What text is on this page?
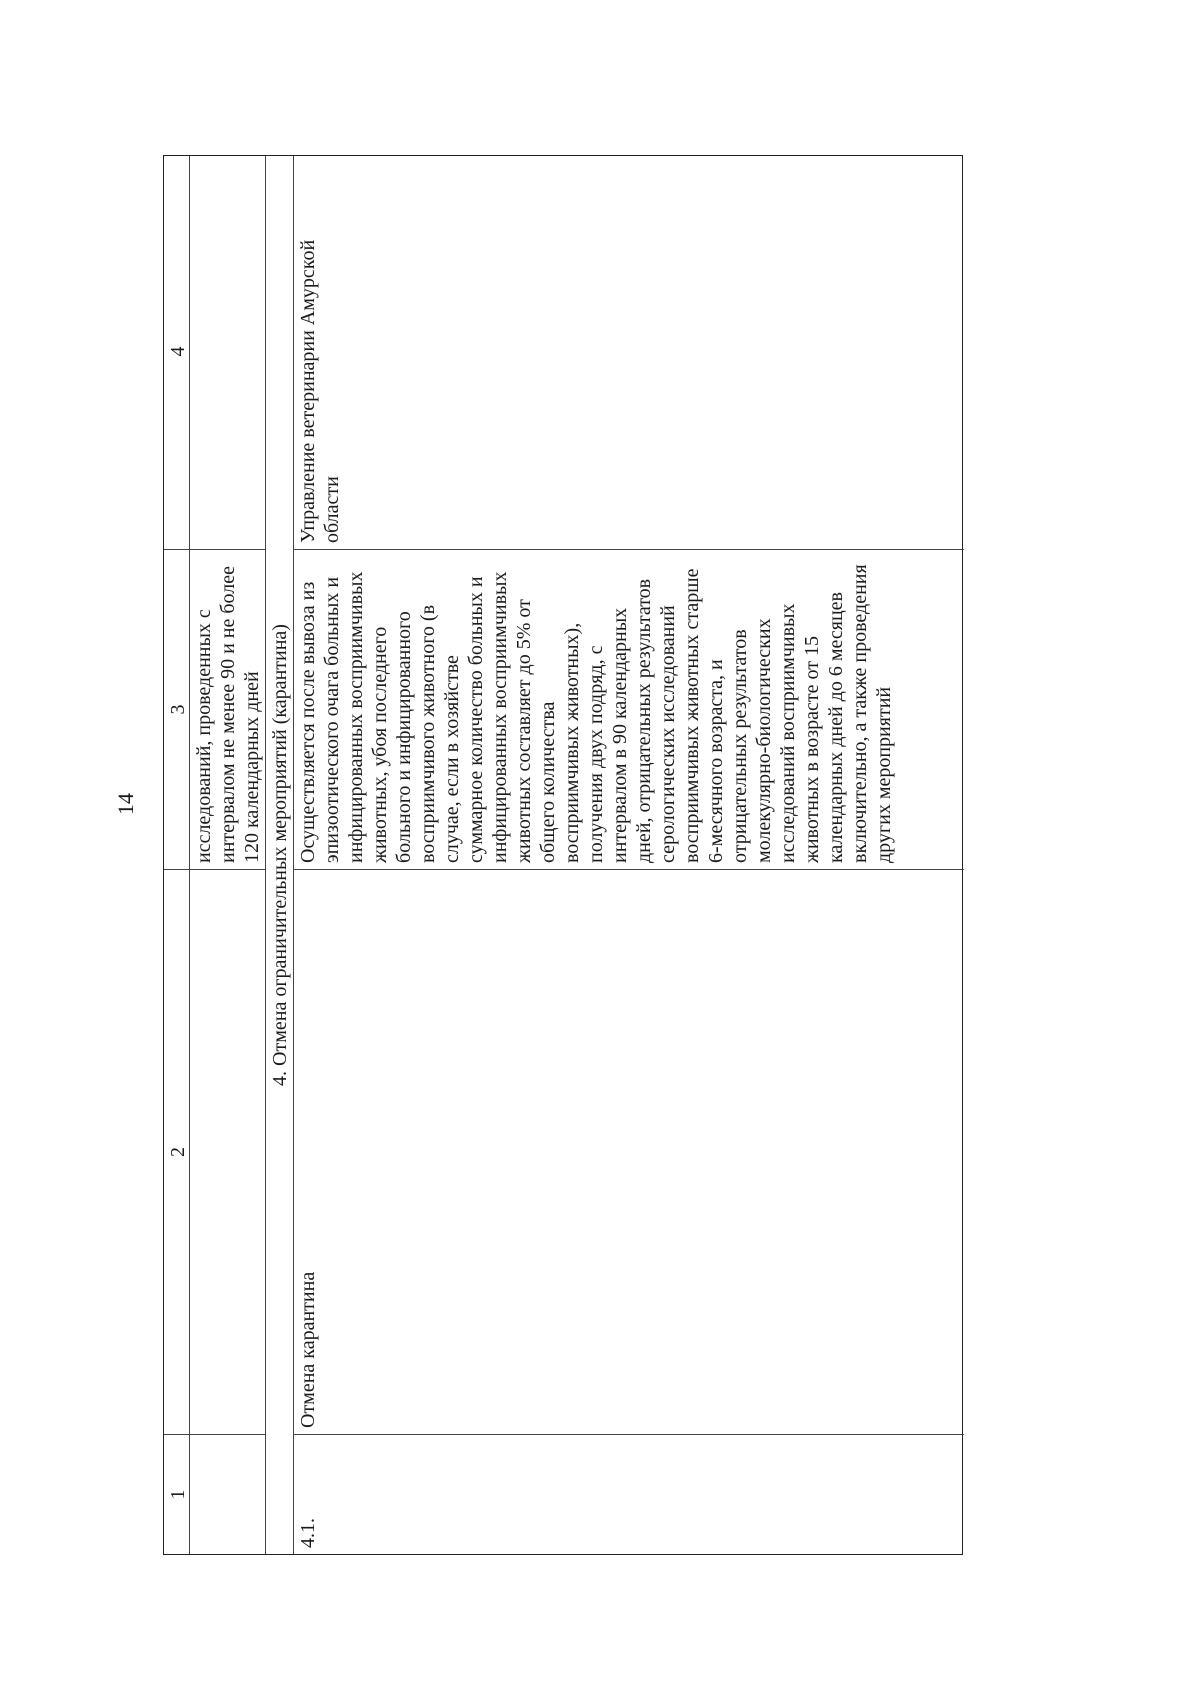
14
1
2
3
4
исследований, проведенных с
интервалом не менее 90 и не более
120 календарных дней 4. Отмена ограничительных мероприятий (карантина)
4.1.
Отмена карантина
Осуществляется после вывоза из
эпизоотического очага больных и
инфицированных восприимчивых
животных, убоя последнего
больного и инфицированного
восприимчивого животного (в
случае, если в хозяйстве
суммарное количество больных и
инфицированных восприимчивых
животных составляет до 5% от
общего количества
восприимчивых животных),
получения двух подряд, с
интервалом в 90 календарных
дней, отрицательных результатов
серологических исследований
восприимчивых животных старше
6-месячного возраста, и
отрицательных результатов
молекулярно-биологических
исследований восприимчивых
животных в возрасте от 15
календарных дней до 6 месяцев
включительно, а также проведения
других мероприятий
Управление ветеринарии Амурской
области
